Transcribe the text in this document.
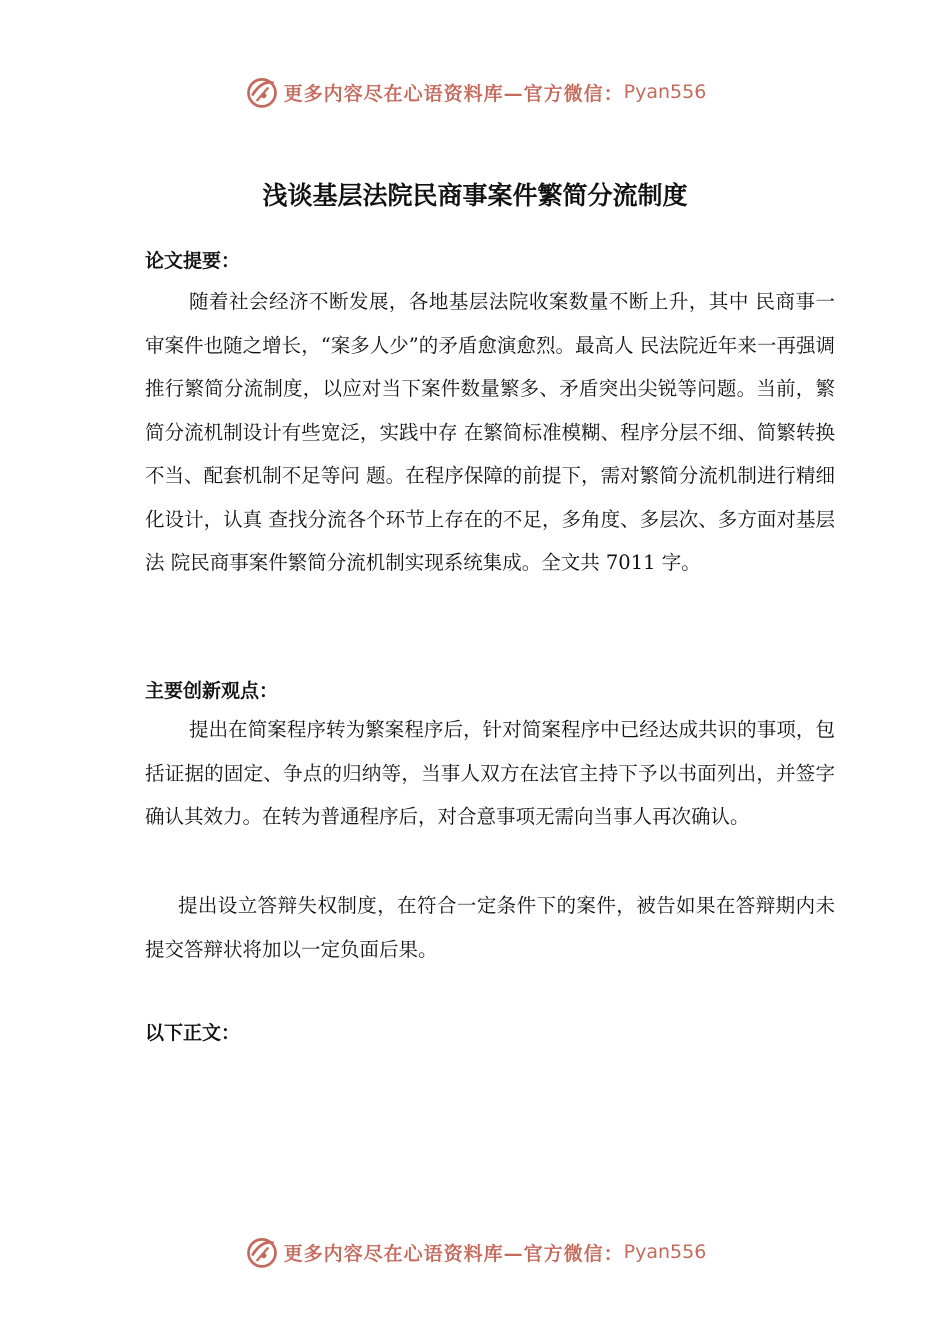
更多内容尽在心语资料库—官方微信： Pyan556
浅谈基层法院民商事案件繁简分流制度
论文提要：

随着社会经济不断发展，各地基层法院收案数量不断上升，其中 民商事一审案件也随之增长，“案多人少”的矛盾愈演愈烈。最高人 民法院近年来一再强调推行繁简分流制度，以应对当下案件数量繁多、矛盾突出尖锐等问题。当前，繁简分流机制设计有些宽泛，实践中存 在繁简标准模糊、程序分层不细、简繁转换不当、配套机制不足等问 题。在程序保障的前提下，需对繁简分流机制进行精细化设计，认真 查找分流各个环节上存在的不足，多角度、多层次、多方面对基层法 院民商事案件繁简分流机制实现系统集成。全文共 7011 字。

主要创新观点：

提出在简案程序转为繁案程序后，针对简案程序中已经达成共识的事项，包括证据的固定、争点的归纳等，当事人双方在法官主持下予以书面列出，并签字确认其效力。在转为普通程序后，对合意事项无需向当事人再次确认。

提出设立答辩失权制度，在符合一定条件下的案件，被告如果在答辩期内未提交答辩状将加以一定负面后果。

以下正文：
更多内容尽在心语资料库—官方微信： Pyan556
